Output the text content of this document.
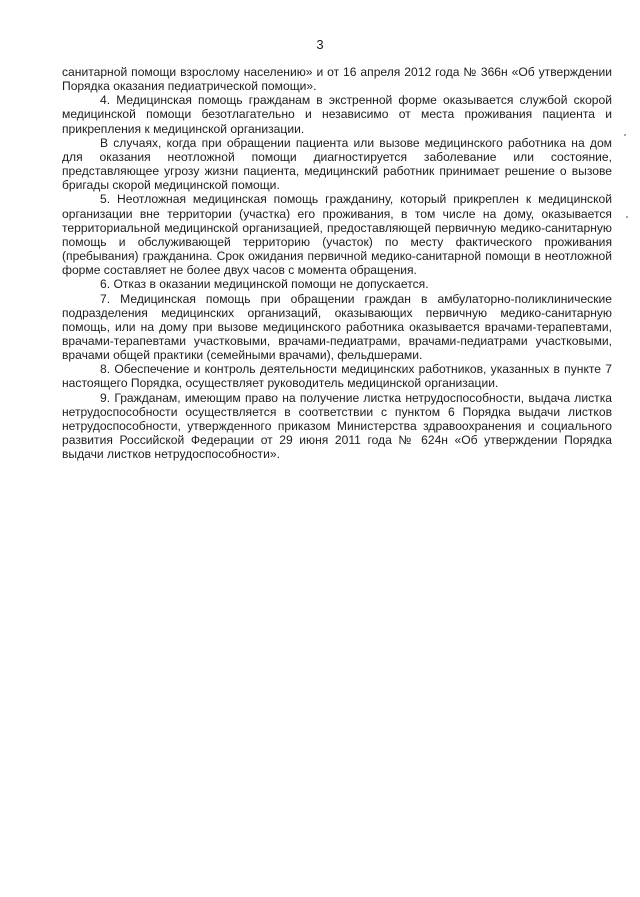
3

санитарной помощи взрослому населению» и от 16 апреля 2012 года № 366н «Об утверждении Порядка оказания педиатрической помощи».

4. Медицинская помощь гражданам в экстренной форме оказывается службой скорой медицинской помощи безотлагательно и независимо от места проживания пациента и прикрепления к медицинской организации.

В случаях, когда при обращении пациента или вызове медицинского работника на дом для оказания неотложной помощи диагностируется заболевание или состояние, представляющее угрозу жизни пациента, медицинский работник принимает решение о вызове бригады скорой медицинской помощи.

5. Неотложная медицинская помощь гражданину, который прикреплен к медицинской организации вне территории (участка) его проживания, в том числе на дому, оказывается территориальной медицинской организацией, предоставляющей первичную медико-санитарную помощь и обслуживающей территорию (участок) по месту фактического проживания (пребывания) гражданина. Срок ожидания первичной медико-санитарной помощи в неотложной форме составляет не более двух часов с момента обращения.

6. Отказ в оказании медицинской помощи не допускается.

7. Медицинская помощь при обращении граждан в амбулаторно-поликлинические подразделения медицинских организаций, оказывающих первичную медико-санитарную помощь, или на дому при вызове медицинского работника оказывается врачами-терапевтами, врачами-терапевтами участковыми, врачами-педиатрами, врачами-педиатрами участковыми, врачами общей практики (семейными врачами), фельдшерами.

8. Обеспечение и контроль деятельности медицинских работников, указанных в пункте 7 настоящего Порядка, осуществляет руководитель медицинской организации.

9. Гражданам, имеющим право на получение листка нетрудоспособности, выдача листка нетрудоспособности осуществляется в соответствии с пунктом 6 Порядка выдачи листков нетрудоспособности, утвержденного приказом Министерства здравоохранения и социального развития Российской Федерации от 29 июня 2011 года № 624н «Об утверждении Порядка выдачи листков нетрудоспособности».
